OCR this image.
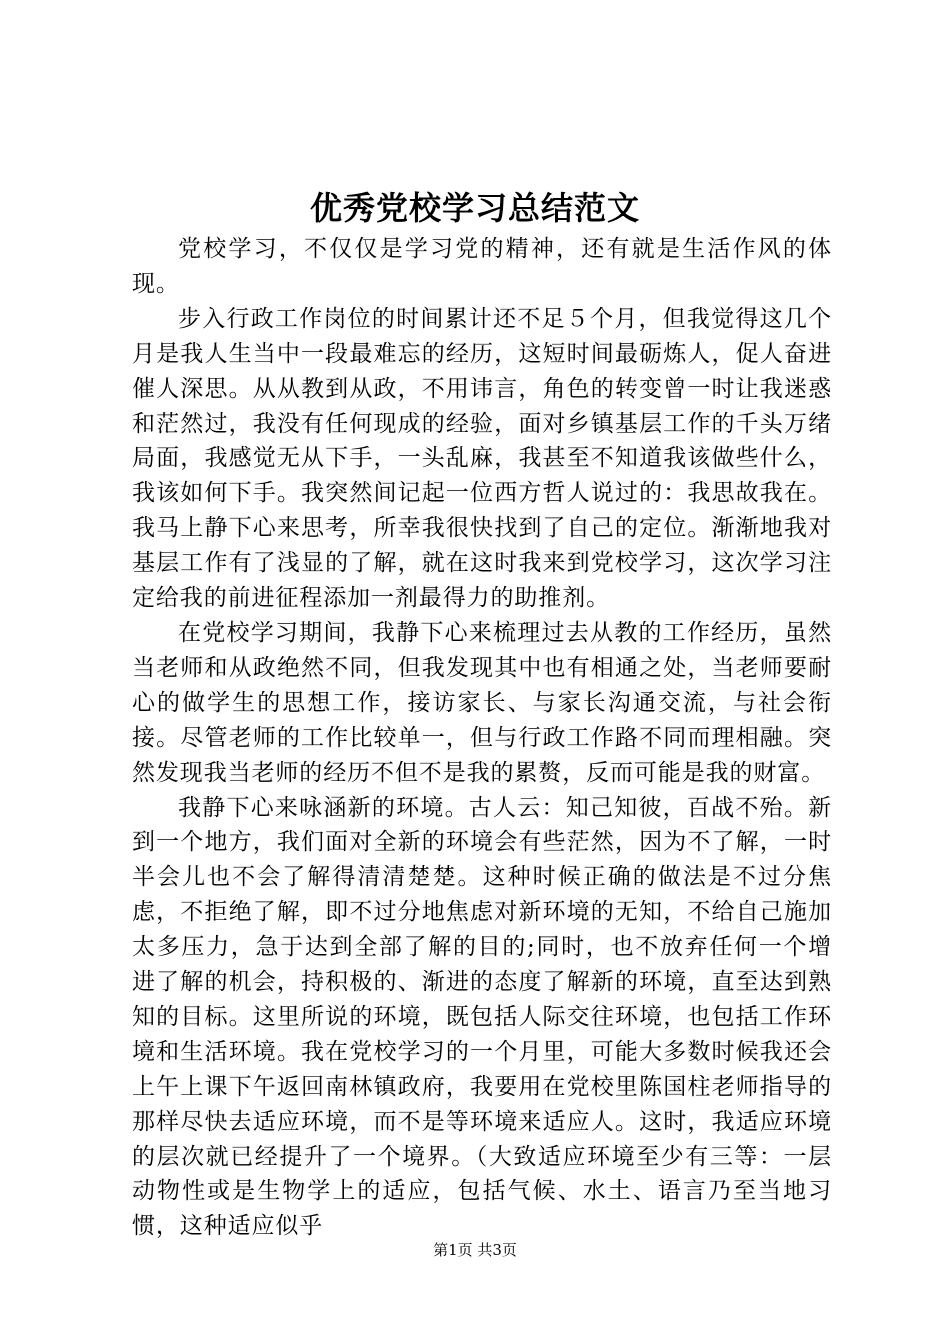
优秀党校学习总结范文

党校学习，不仅仅是学习党的精神，还有就是生活作风的体现。

步入行政工作岗位的时间累计还不足５个月，但我觉得这几个月是我人生当中一段最难忘的经历，这短时间最砺炼人，促人奋进催人深思。从从教到从政，不用讳言，角色的转变曾一时让我迷惑和茫然过，我没有任何现成的经验，面对乡镇基层工作的千头万绪局面，我感觉无从下手，一头乱麻，我甚至不知道我该做些什么，我该如何下手。我突然间记起一位西方哲人说过的：我思故我在。我马上静下心来思考，所幸我很快找到了自己的定位。渐渐地我对基层工作有了浅显的了解，就在这时我来到党校学习，这次学习注定给我的前进征程添加一剂最得力的助推剂。

在党校学习期间，我静下心来梳理过去从教的工作经历，虽然当老师和从政绝然不同，但我发现其中也有相通之处，当老师要耐心的做学生的思想工作，接访家长、与家长沟通交流，与社会衔接。尽管老师的工作比较单一，但与行政工作路不同而理相融。突然发现我当老师的经历不但不是我的累赘，反而可能是我的财富。

我静下心来咏涵新的环境。古人云：知己知彼，百战不殆。新到一个地方，我们面对全新的环境会有些茫然，因为不了解，一时半会儿也不会了解得清清楚楚。这种时候正确的做法是不过分焦虑，不拒绝了解，即不过分地焦虑对新环境的无知，不给自己施加太多压力，急于达到全部了解的目的;同时，也不放弃任何一个增进了解的机会，持积极的、渐进的态度了解新的环境，直至达到熟知的目标。这里所说的环境，既包括人际交往环境，也包括工作环境和生活环境。我在党校学习的一个月里，可能大多数时候我还会上午上课下午返回南林镇政府，我要用在党校里陈国柱老师指导的那样尽快去适应环境，而不是等环境来适应人。这时，我适应环境的层次就已经提升了一个境界。（大致适应环境至少有三等：一层动物性或是生物学上的适应，包括气候、水土、语言乃至当地习惯，这种适应似乎

第1页 共3页
